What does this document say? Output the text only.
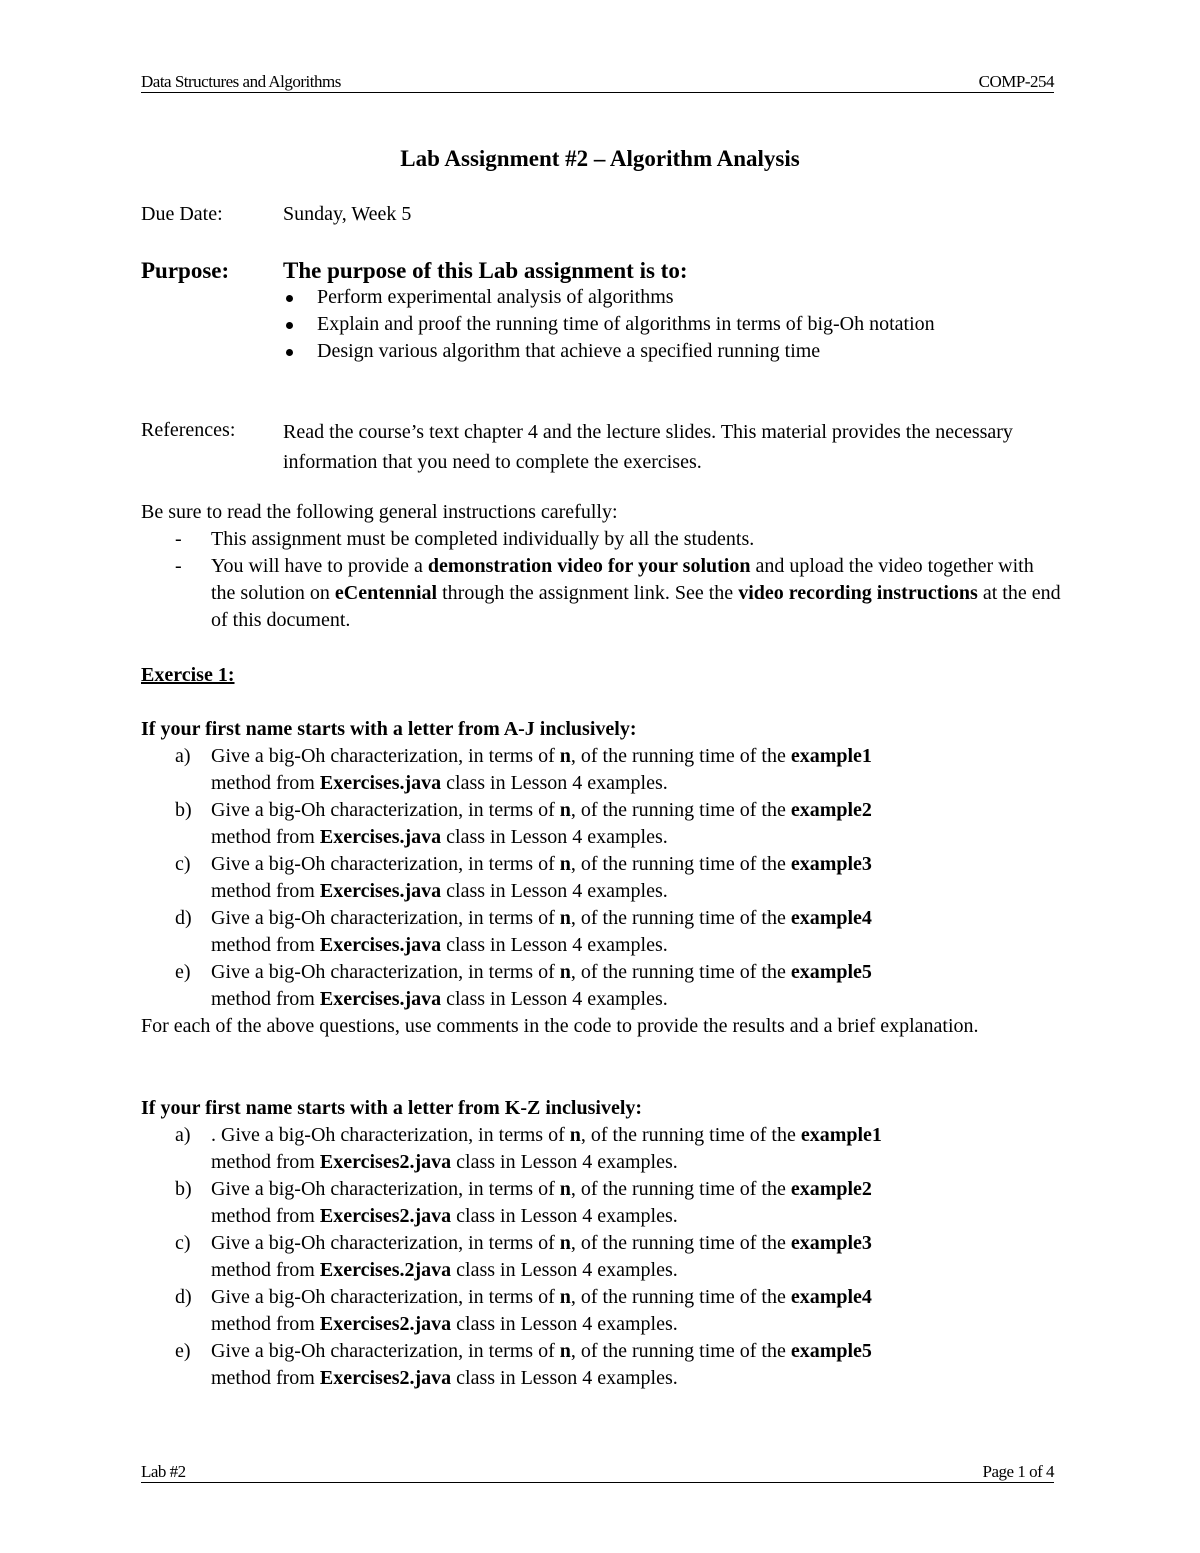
Data Structures and Algorithms	COMP-254
Lab Assignment #2 – Algorithm Analysis
Due Date:	Sunday, Week 5
Purpose: The purpose of this Lab assignment is to:
Perform experimental analysis of algorithms
Explain and proof the running time of algorithms in terms of big-Oh notation
Design various algorithm that achieve a specified running time
References: Read the course’s text chapter 4 and the lecture slides. This material provides the necessary information that you need to complete the exercises.
Be sure to read the following general instructions carefully:
- This assignment must be completed individually by all the students.
- You will have to provide a demonstration video for your solution and upload the video together with the solution on eCentennial through the assignment link. See the video recording instructions at the end of this document.
Exercise 1:
If your first name starts with a letter from A-J inclusively:
a) Give a big-Oh characterization, in terms of n, of the running time of the example1
method from Exercises.java class in Lesson 4 examples.
b) Give a big-Oh characterization, in terms of n, of the running time of the example2
method from Exercises.java class in Lesson 4 examples.
c) Give a big-Oh characterization, in terms of n, of the running time of the example3
method from Exercises.java class in Lesson 4 examples.
d) Give a big-Oh characterization, in terms of n, of the running time of the example4
method from Exercises.java class in Lesson 4 examples.
e) Give a big-Oh characterization, in terms of n, of the running time of the example5
method from Exercises.java class in Lesson 4 examples.
For each of the above questions, use comments in the code to provide the results and a brief explanation.
If your first name starts with a letter from K-Z inclusively:
a) . Give a big-Oh characterization, in terms of n, of the running time of the example1
method from Exercises2.java class in Lesson 4 examples.
b) Give a big-Oh characterization, in terms of n, of the running time of the example2
method from Exercises2.java class in Lesson 4 examples.
c) Give a big-Oh characterization, in terms of n, of the running time of the example3
method from Exercises.2java class in Lesson 4 examples.
d) Give a big-Oh characterization, in terms of n, of the running time of the example4
method from Exercises2.java class in Lesson 4 examples.
e) Give a big-Oh characterization, in terms of n, of the running time of the example5
method from Exercises2.java class in Lesson 4 examples.
Lab #2	Page 1 of 4
